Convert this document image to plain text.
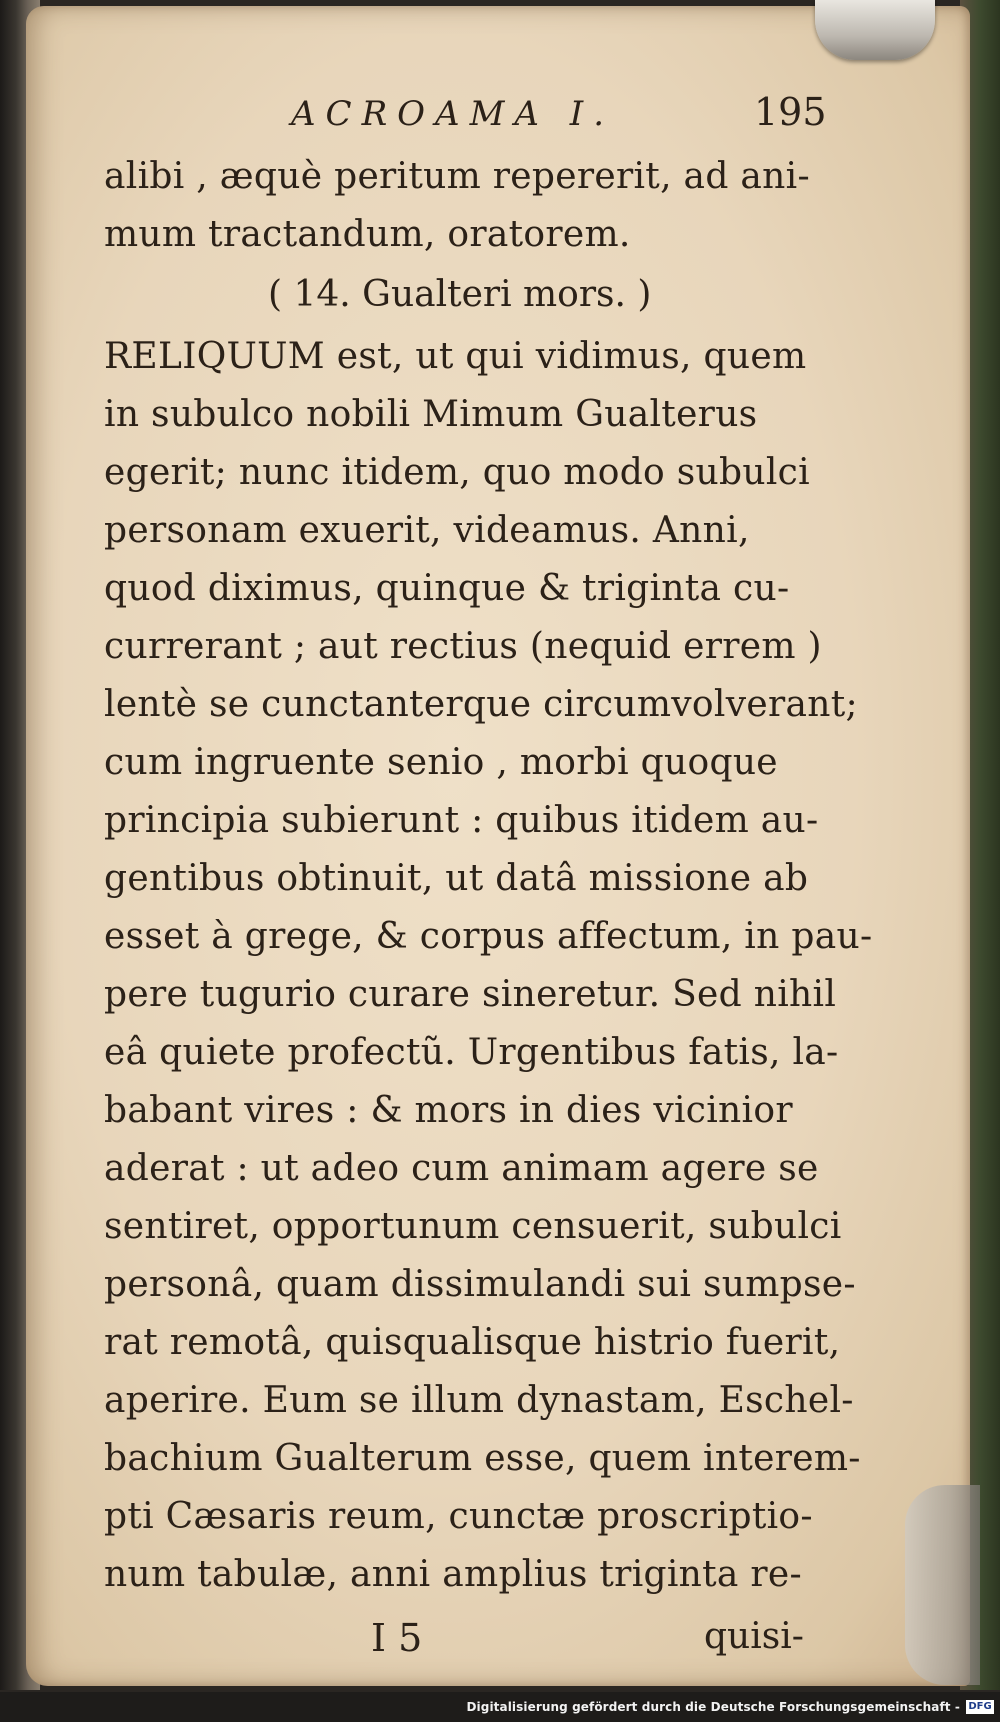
ACROAMA I.	195
alibi , æquè peritum repererit, ad ani-
mum tractandum, oratorem.
( 14. Gualteri mors. )
RELIQUUM est, ut qui vidimus, quem
in subulco nobili Mimum Gualterus
egerit; nunc itidem, quo modo subulci
personam exuerit, videamus. Anni,
quod diximus, quinque & triginta cu-
currerant ; aut rectius (nequid errem )
lentè se cunctanterque circumvolverant;
cum ingruente senio , morbi quoque
principia subierunt : quibus itidem au-
gentibus obtinuit, ut datâ missione ab
esset à grege, & corpus affectum, in pau-
pere tugurio curare sineretur. Sed nihil
eâ quiete profectũ. Urgentibus fatis, la-
babant vires : & mors in dies vicinior
aderat : ut adeo cum animam agere se
sentiret, opportunum censuerit, subulci
personâ, quam dissimulandi sui sumpse-
rat remotâ, quisqualisque histrio fuerit,
aperire. Eum se illum dynastam, Eschel-
bachium Gualterum esse, quem interem-
pti Cæsaris reum, cunctæ proscriptio-
num tabulæ, anni amplius triginta re-
I 5	quisi-
Digitalisierung gefördert durch die Deutsche Forschungsgemeinschaft - DFG
